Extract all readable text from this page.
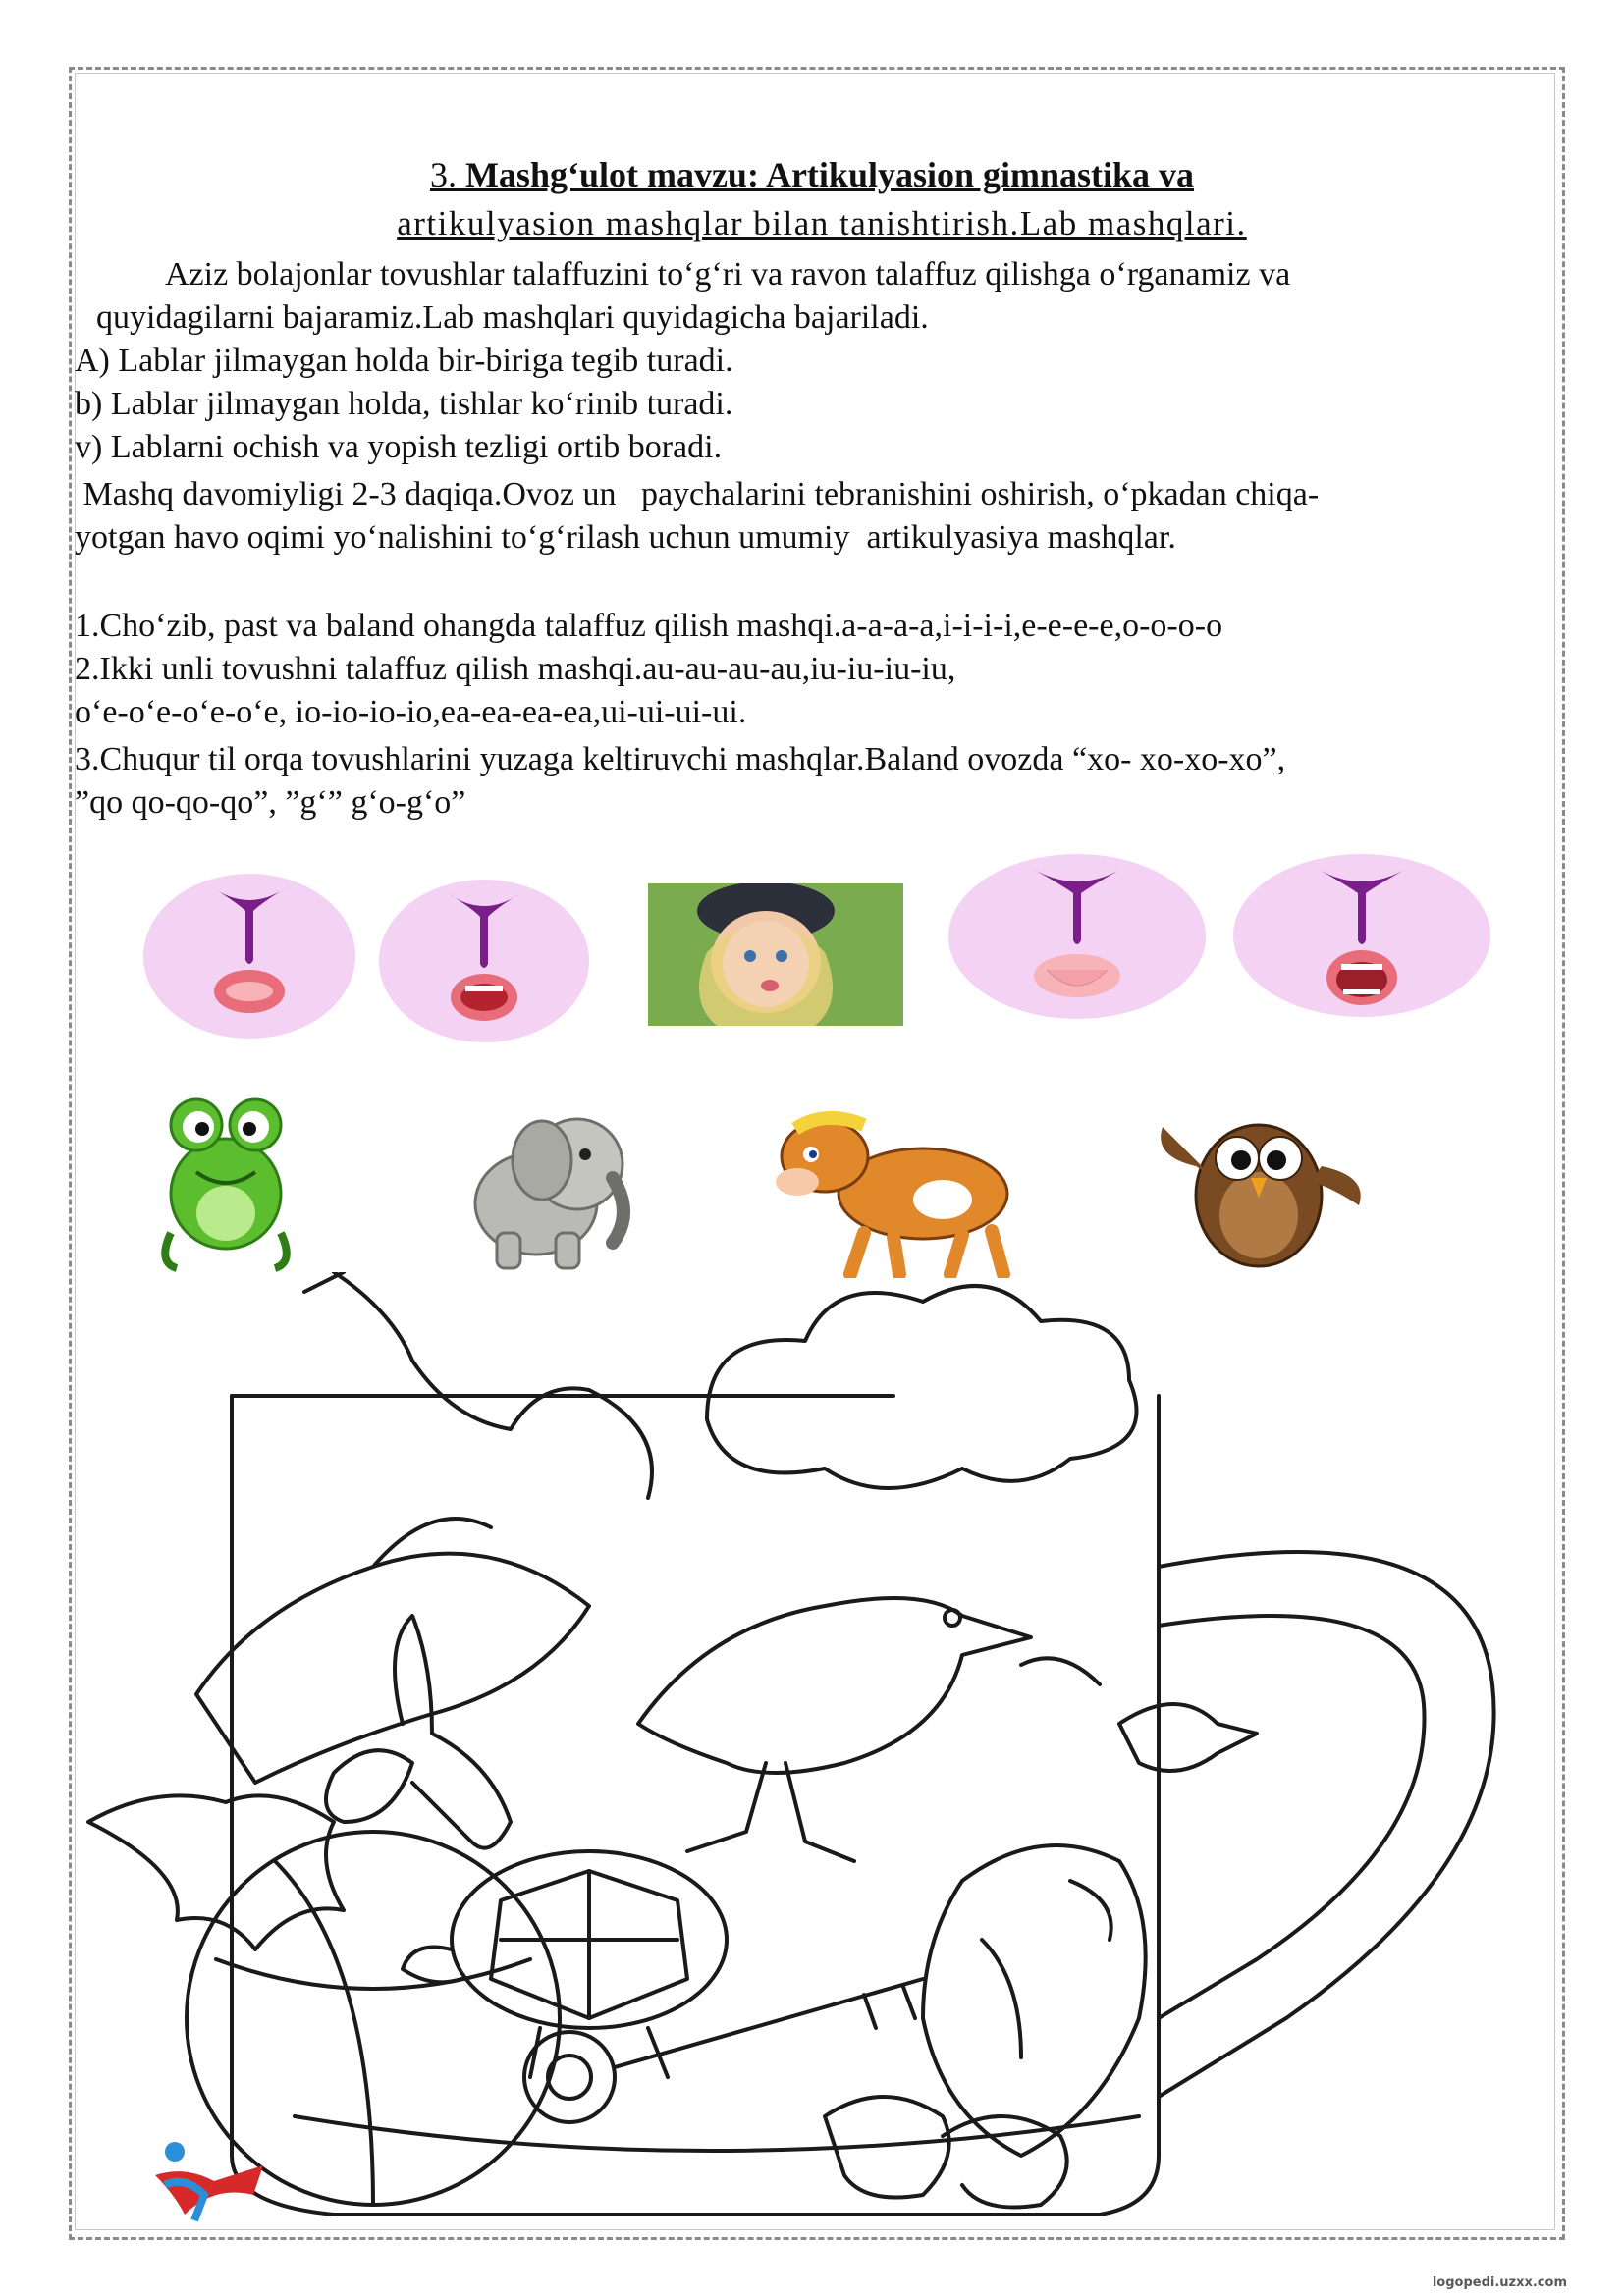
3. Mashg‘ulot mavzu: Artikulyasion gimnastika va
artikulyasion mashqlar bilan tanishtirish.Lab mashqlari.
Aziz bolajonlar tovushlar talaffuzini to‘g‘ri va ravon talaffuz qilishga o‘rganamiz va
quyidagilarni bajaramiz.Lab mashqlari quyidagicha bajariladi.
A) Lablar jilmaygan holda bir-biriga tegib turadi.
b) Lablar jilmaygan holda, tishlar ko‘rinib turadi.
v) Lablarni ochish va yopish tezligi ortib boradi.
Mashq davomiyligi 2-3 daqiqa.Ovoz un   paychalarini tebranishini oshirish, o‘pkadan chiqa-
yotgan havo oqimi yo‘nalishini to‘g‘rilash uchun umumiy  artikulyasiya mashqlar.
1.Cho‘zib, past va baland ohangda talaffuz qilish mashqi.a-a-a-a,i-i-i-i,e-e-e-e,o-o-o-o
2.Ikki unli tovushni talaffuz qilish mashqi.au-au-au-au,iu-iu-iu-iu,
o‘e-o‘e-o‘e-o‘e, io-io-io-io,ea-ea-ea-ea,ui-ui-ui-ui.
3.Chuqur til orqa tovushlarini yuzaga keltiruvchi mashqlar.Baland ovozda “xo- xo-xo-xo”,
”qo qo-qo-qo”, ”g‘” g‘o-g‘o”
logopedi.uzxx.com
